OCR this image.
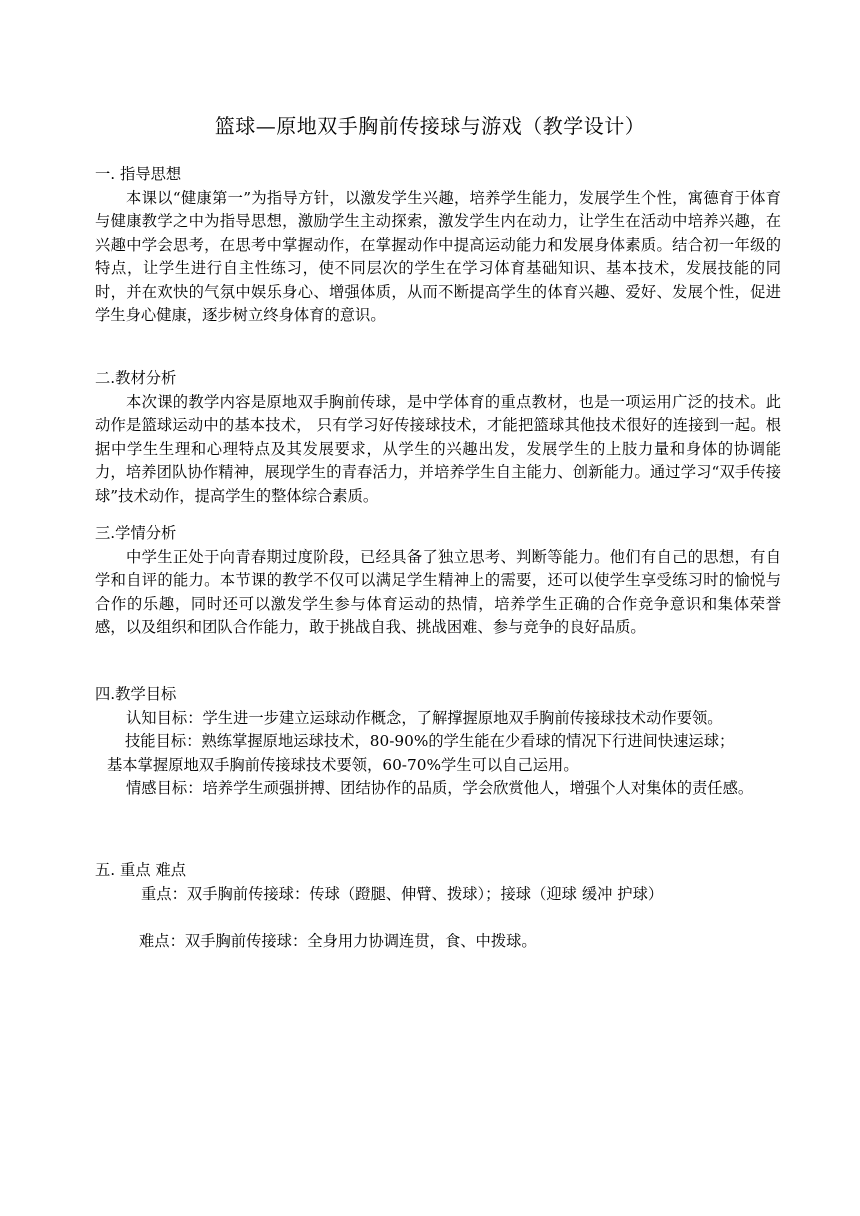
篮球—原地双手胸前传接球与游戏（教学设计）
一. 指导思想
本课以“健康第一”为指导方针，以激发学生兴趣，培养学生能力，发展学生个性，寓德育于体育与健康教学之中为指导思想，激励学生主动探索，激发学生内在动力，让学生在活动中培养兴趣，在兴趣中学会思考，在思考中掌握动作，在掌握动作中提高运动能力和发展身体素质。结合初一年级的特点，让学生进行自主性练习，使不同层次的学生在学习体育基础知识、基本技术，发展技能的同时，并在欢快的气氛中娱乐身心、增强体质，从而不断提高学生的体育兴趣、爱好、发展个性，促进学生身心健康，逐步树立终身体育的意识。
二.教材分析
本次课的教学内容是原地双手胸前传球，是中学体育的重点教材，也是一项运用广泛的技术。此动作是篮球运动中的基本技术， 只有学习好传接球技术，才能把篮球其他技术很好的连接到一起。根据中学生生理和心理特点及其发展要求，从学生的兴趣出发，发展学生的上肢力量和身体的协调能力，培养团队协作精神，展现学生的青春活力，并培养学生自主能力、创新能力。通过学习“双手传接球”技术动作，提高学生的整体综合素质。
三.学情分析
中学生正处于向青春期过度阶段，已经具备了独立思考、判断等能力。他们有自己的思想，有自学和自评的能力。本节课的教学不仅可以满足学生精神上的需要，还可以使学生享受练习时的愉悦与合作的乐趣，同时还可以激发学生参与体育运动的热情，培养学生正确的合作竞争意识和集体荣誉感，以及组织和团队合作能力，敢于挑战自我、挑战困难、参与竞争的良好品质。
四.教学目标
认知目标：学生进一步建立运球动作概念，了解撑握原地双手胸前传接球技术动作要领。
技能目标：熟练掌握原地运球技术，80-90%的学生能在少看球的情况下行进间快速运球；
基本掌握原地双手胸前传接球技术要领，60-70%学生可以自己运用。
情感目标：培养学生顽强拼搏、团结协作的品质，学会欣赏他人，增强个人对集体的责任感。
五. 重点 难点
重点：双手胸前传接球：传球（蹬腿、伸臂、拨球）；接球（迎球 缓冲 护球）
难点：双手胸前传接球：全身用力协调连贯，食、中拨球。
